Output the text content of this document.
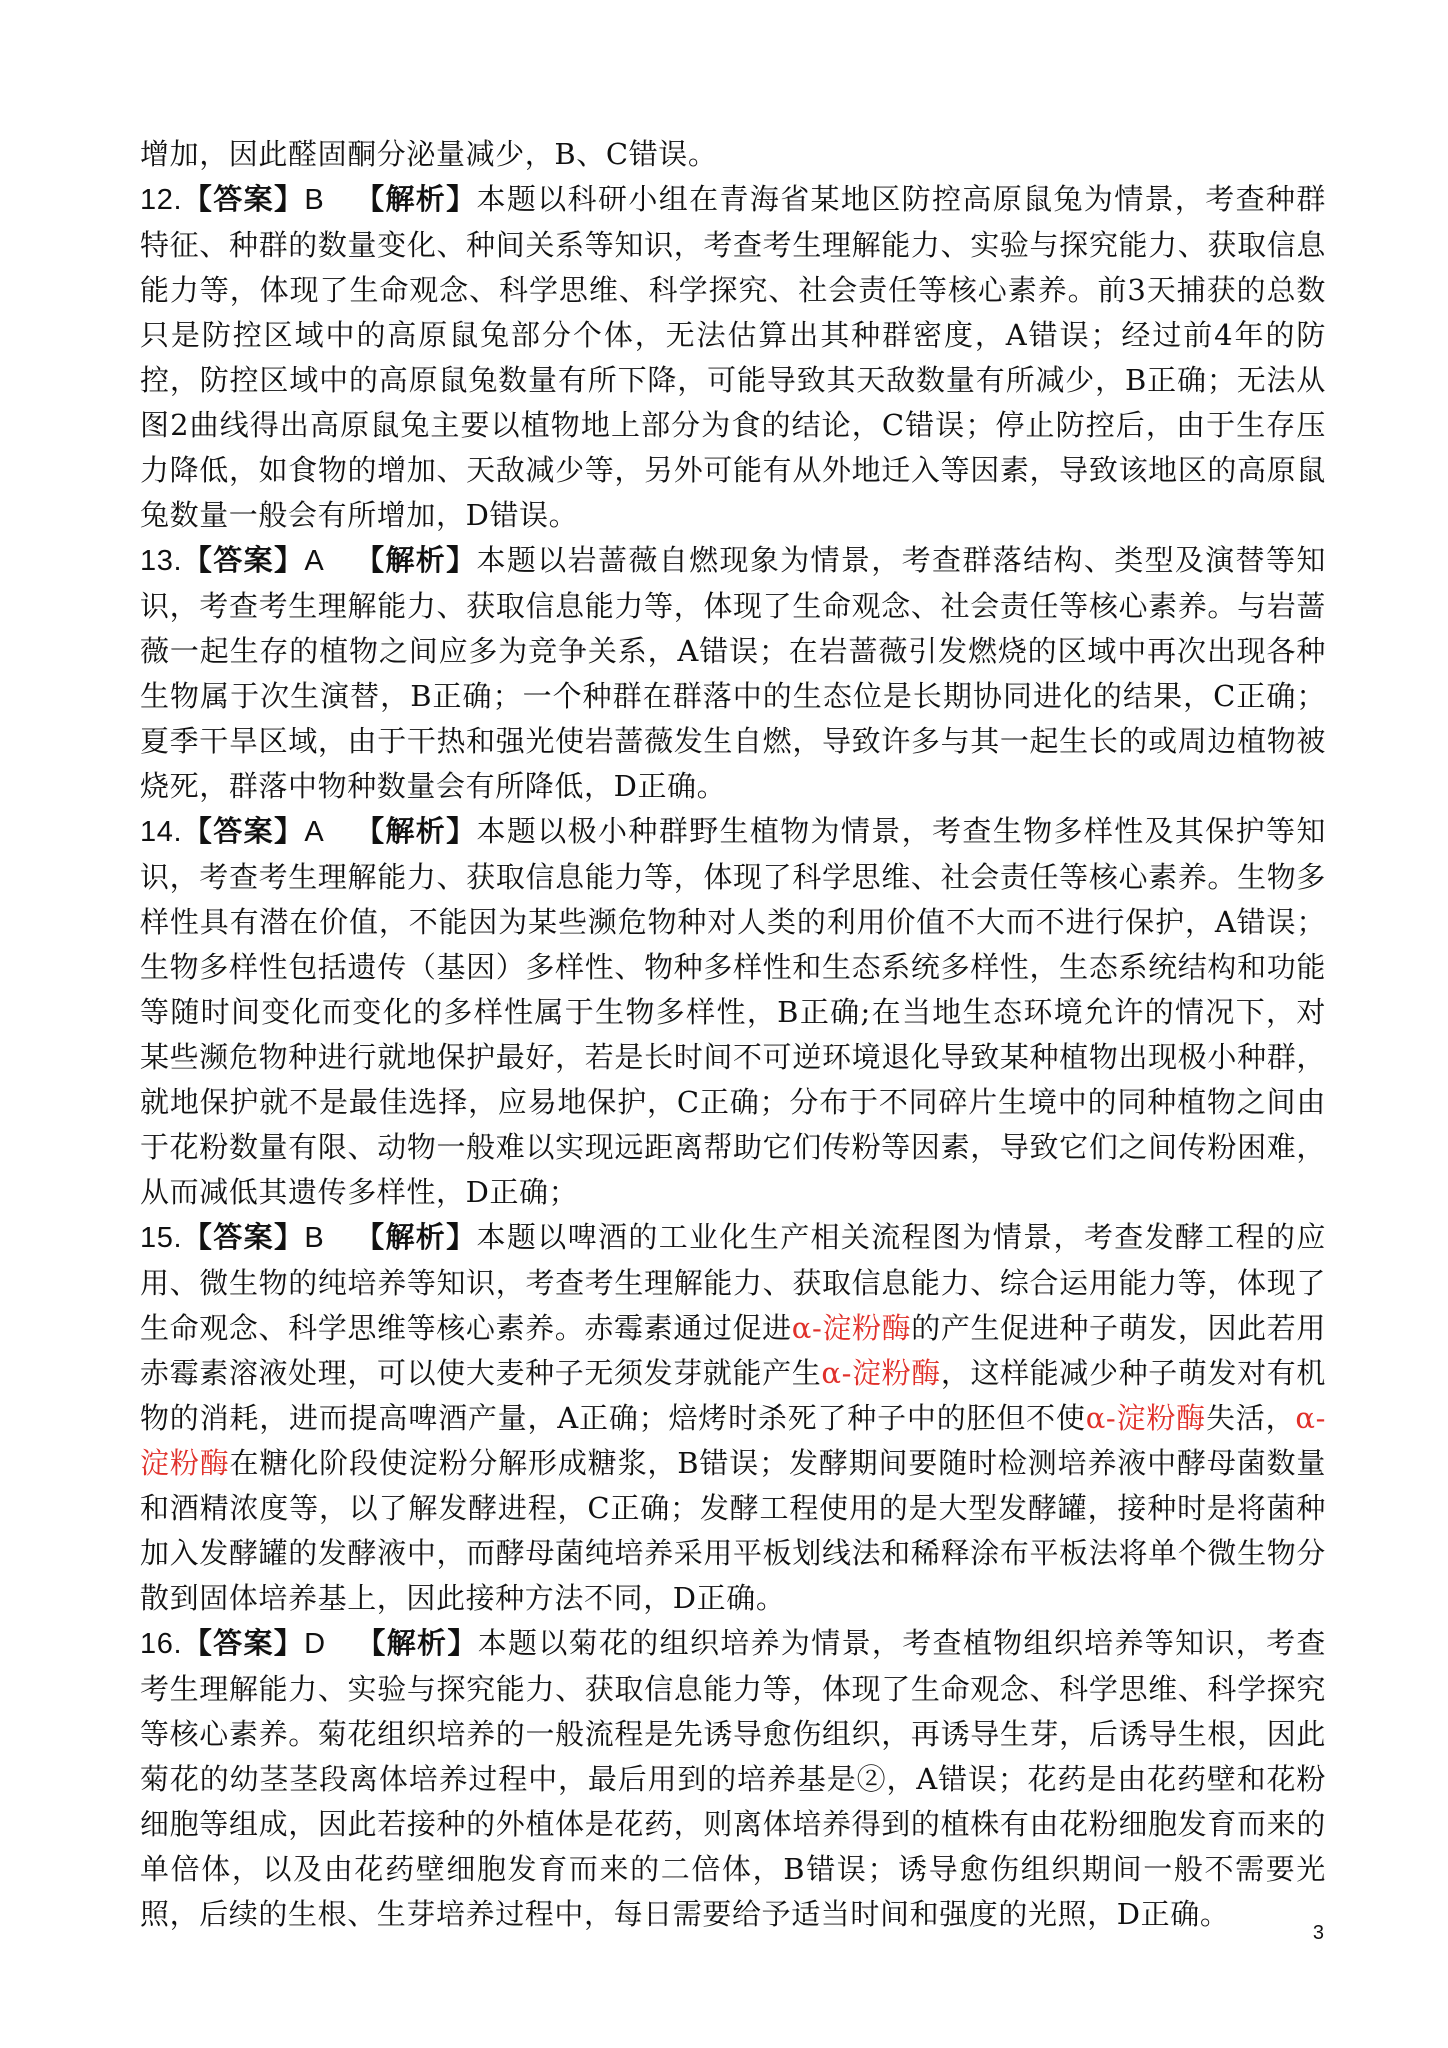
增加，因此醛固酮分泌量减少，B、C错误。

12.【答案】B 【解析】本题以科研小组在青海省某地区防控高原鼠兔为情景，考查种群特征、种群的数量变化、种间关系等知识，考查考生理解能力、实验与探究能力、获取信息能力等，体现了生命观念、科学思维、科学探究、社会责任等核心素养。前3天捕获的总数只是防控区域中的高原鼠兔部分个体，无法估算出其种群密度，A错误；经过前4年的防控，防控区域中的高原鼠兔数量有所下降，可能导致其天敌数量有所减少，B正确；无法从图2曲线得出高原鼠兔主要以植物地上部分为食的结论，C错误；停止防控后，由于生存压力降低，如食物的增加、天敌减少等，另外可能有从外地迁入等因素，导致该地区的高原鼠兔数量一般会有所增加，D错误。

13.【答案】A 【解析】本题以岩蔷薇自燃现象为情景，考查群落结构、类型及演替等知识，考查考生理解能力、获取信息能力等，体现了生命观念、社会责任等核心素养。与岩蔷薇一起生存的植物之间应多为竞争关系，A错误；在岩蔷薇引发燃烧的区域中再次出现各种生物属于次生演替，B正确；一个种群在群落中的生态位是长期协同进化的结果，C正确；夏季干旱区域，由于干热和强光使岩蔷薇发生自燃，导致许多与其一起生长的或周边植物被烧死，群落中物种数量会有所降低，D正确。

14.【答案】A 【解析】本题以极小种群野生植物为情景，考查生物多样性及其保护等知识，考查考生理解能力、获取信息能力等，体现了科学思维、社会责任等核心素养。生物多样性具有潜在价值，不能因为某些濒危物种对人类的利用价值不大而不进行保护，A错误；生物多样性包括遗传（基因）多样性、物种多样性和生态系统多样性，生态系统结构和功能等随时间变化而变化的多样性属于生物多样性，B正确;在当地生态环境允许的情况下，对某些濒危物种进行就地保护最好，若是长时间不可逆环境退化导致某种植物出现极小种群，就地保护就不是最佳选择，应易地保护，C正确；分布于不同碎片生境中的同种植物之间由于花粉数量有限、动物一般难以实现远距离帮助它们传粉等因素，导致它们之间传粉困难，从而减低其遗传多样性，D正确；

15.【答案】B 【解析】本题以啤酒的工业化生产相关流程图为情景，考查发酵工程的应用、微生物的纯培养等知识，考查考生理解能力、获取信息能力、综合运用能力等，体现了生命观念、科学思维等核心素养。赤霉素通过促进α-淀粉酶的产生促进种子萌发，因此若用赤霉素溶液处理，可以使大麦种子无须发芽就能产生α-淀粉酶，这样能减少种子萌发对有机物的消耗，进而提高啤酒产量，A正确；焙烤时杀死了种子中的胚但不使α-淀粉酶失活，α-淀粉酶在糖化阶段使淀粉分解形成糖浆，B错误；发酵期间要随时检测培养液中酵母菌数量和酒精浓度等，以了解发酵进程，C正确；发酵工程使用的是大型发酵罐，接种时是将菌种加入发酵罐的发酵液中，而酵母菌纯培养采用平板划线法和稀释涂布平板法将单个微生物分散到固体培养基上，因此接种方法不同，D正确。

16.【答案】D 【解析】本题以菊花的组织培养为情景，考查植物组织培养等知识，考查考生理解能力、实验与探究能力、获取信息能力等，体现了生命观念、科学思维、科学探究等核心素养。菊花组织培养的一般流程是先诱导愈伤组织，再诱导生芽，后诱导生根，因此菊花的幼茎茎段离体培养过程中，最后用到的培养基是②，A错误；花药是由花药壁和花粉细胞等组成，因此若接种的外植体是花药，则离体培养得到的植株有由花粉细胞发育而来的单倍体，以及由花药壁细胞发育而来的二倍体，B错误；诱导愈伤组织期间一般不需要光照，后续的生根、生芽培养过程中，每日需要给予适当时间和强度的光照，D正确。

3
